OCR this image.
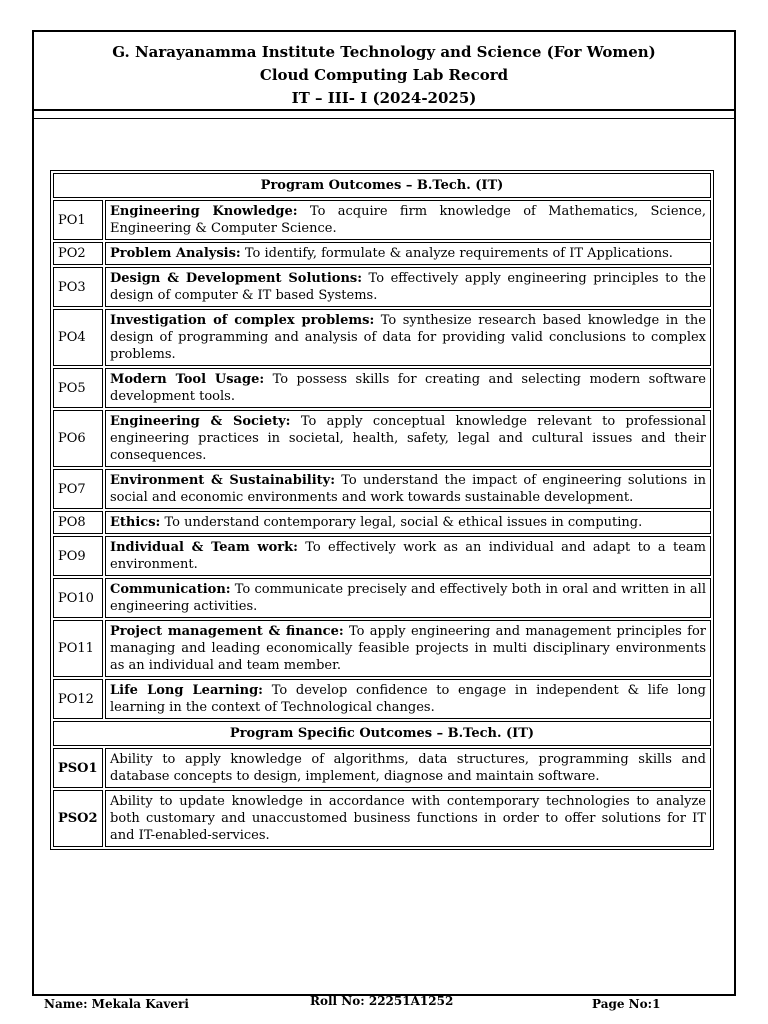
G. Narayanamma Institute Technology and Science (For Women)
Cloud Computing Lab Record
IT – III- I (2024-2025)
Program Outcomes – B.Tech. (IT)	
PO1	Engineering Knowledge: To acquire firm knowledge of Mathematics, Science, Engineering & Computer Science.
PO2	Problem Analysis: To identify, formulate & analyze requirements of IT Applications.
PO3	Design & Development Solutions: To effectively apply engineering principles to the design of computer & IT based Systems.
PO4	Investigation of complex problems: To synthesize research based knowledge in the design of programming and analysis of data for providing valid conclusions to complex problems.
PO5	Modern Tool Usage: To possess skills for creating and selecting modern software development tools.
PO6	Engineering & Society: To apply conceptual knowledge relevant to professional engineering practices in societal, health, safety, legal and cultural issues and their consequences.
PO7	Environment & Sustainability: To understand the impact of engineering solutions in social and economic environments and work towards sustainable development.
PO8	Ethics: To understand contemporary legal, social & ethical issues in computing.
PO9	Individual & Team work: To effectively work as an individual and adapt to a team environment.
PO10	Communication: To communicate precisely and effectively both in oral and written in all engineering activities.
PO11	Project management & finance: To apply engineering and management principles for managing and leading economically feasible projects in multi disciplinary environments as an individual and team member.
PO12	Life Long Learning: To develop confidence to engage in independent & life long learning in the context of Technological changes.
Program Specific Outcomes – B.Tech. (IT)	
PSO1	Ability to apply knowledge of algorithms, data structures, programming skills and database concepts to design, implement, diagnose and maintain software.
PSO2	Ability to update knowledge in accordance with contemporary technologies to analyze both customary and unaccustomed business functions in order to offer solutions for IT and IT-enabled-services.
Name: Mekala Kaveri	Roll No: 22251A1252	Page No:1
